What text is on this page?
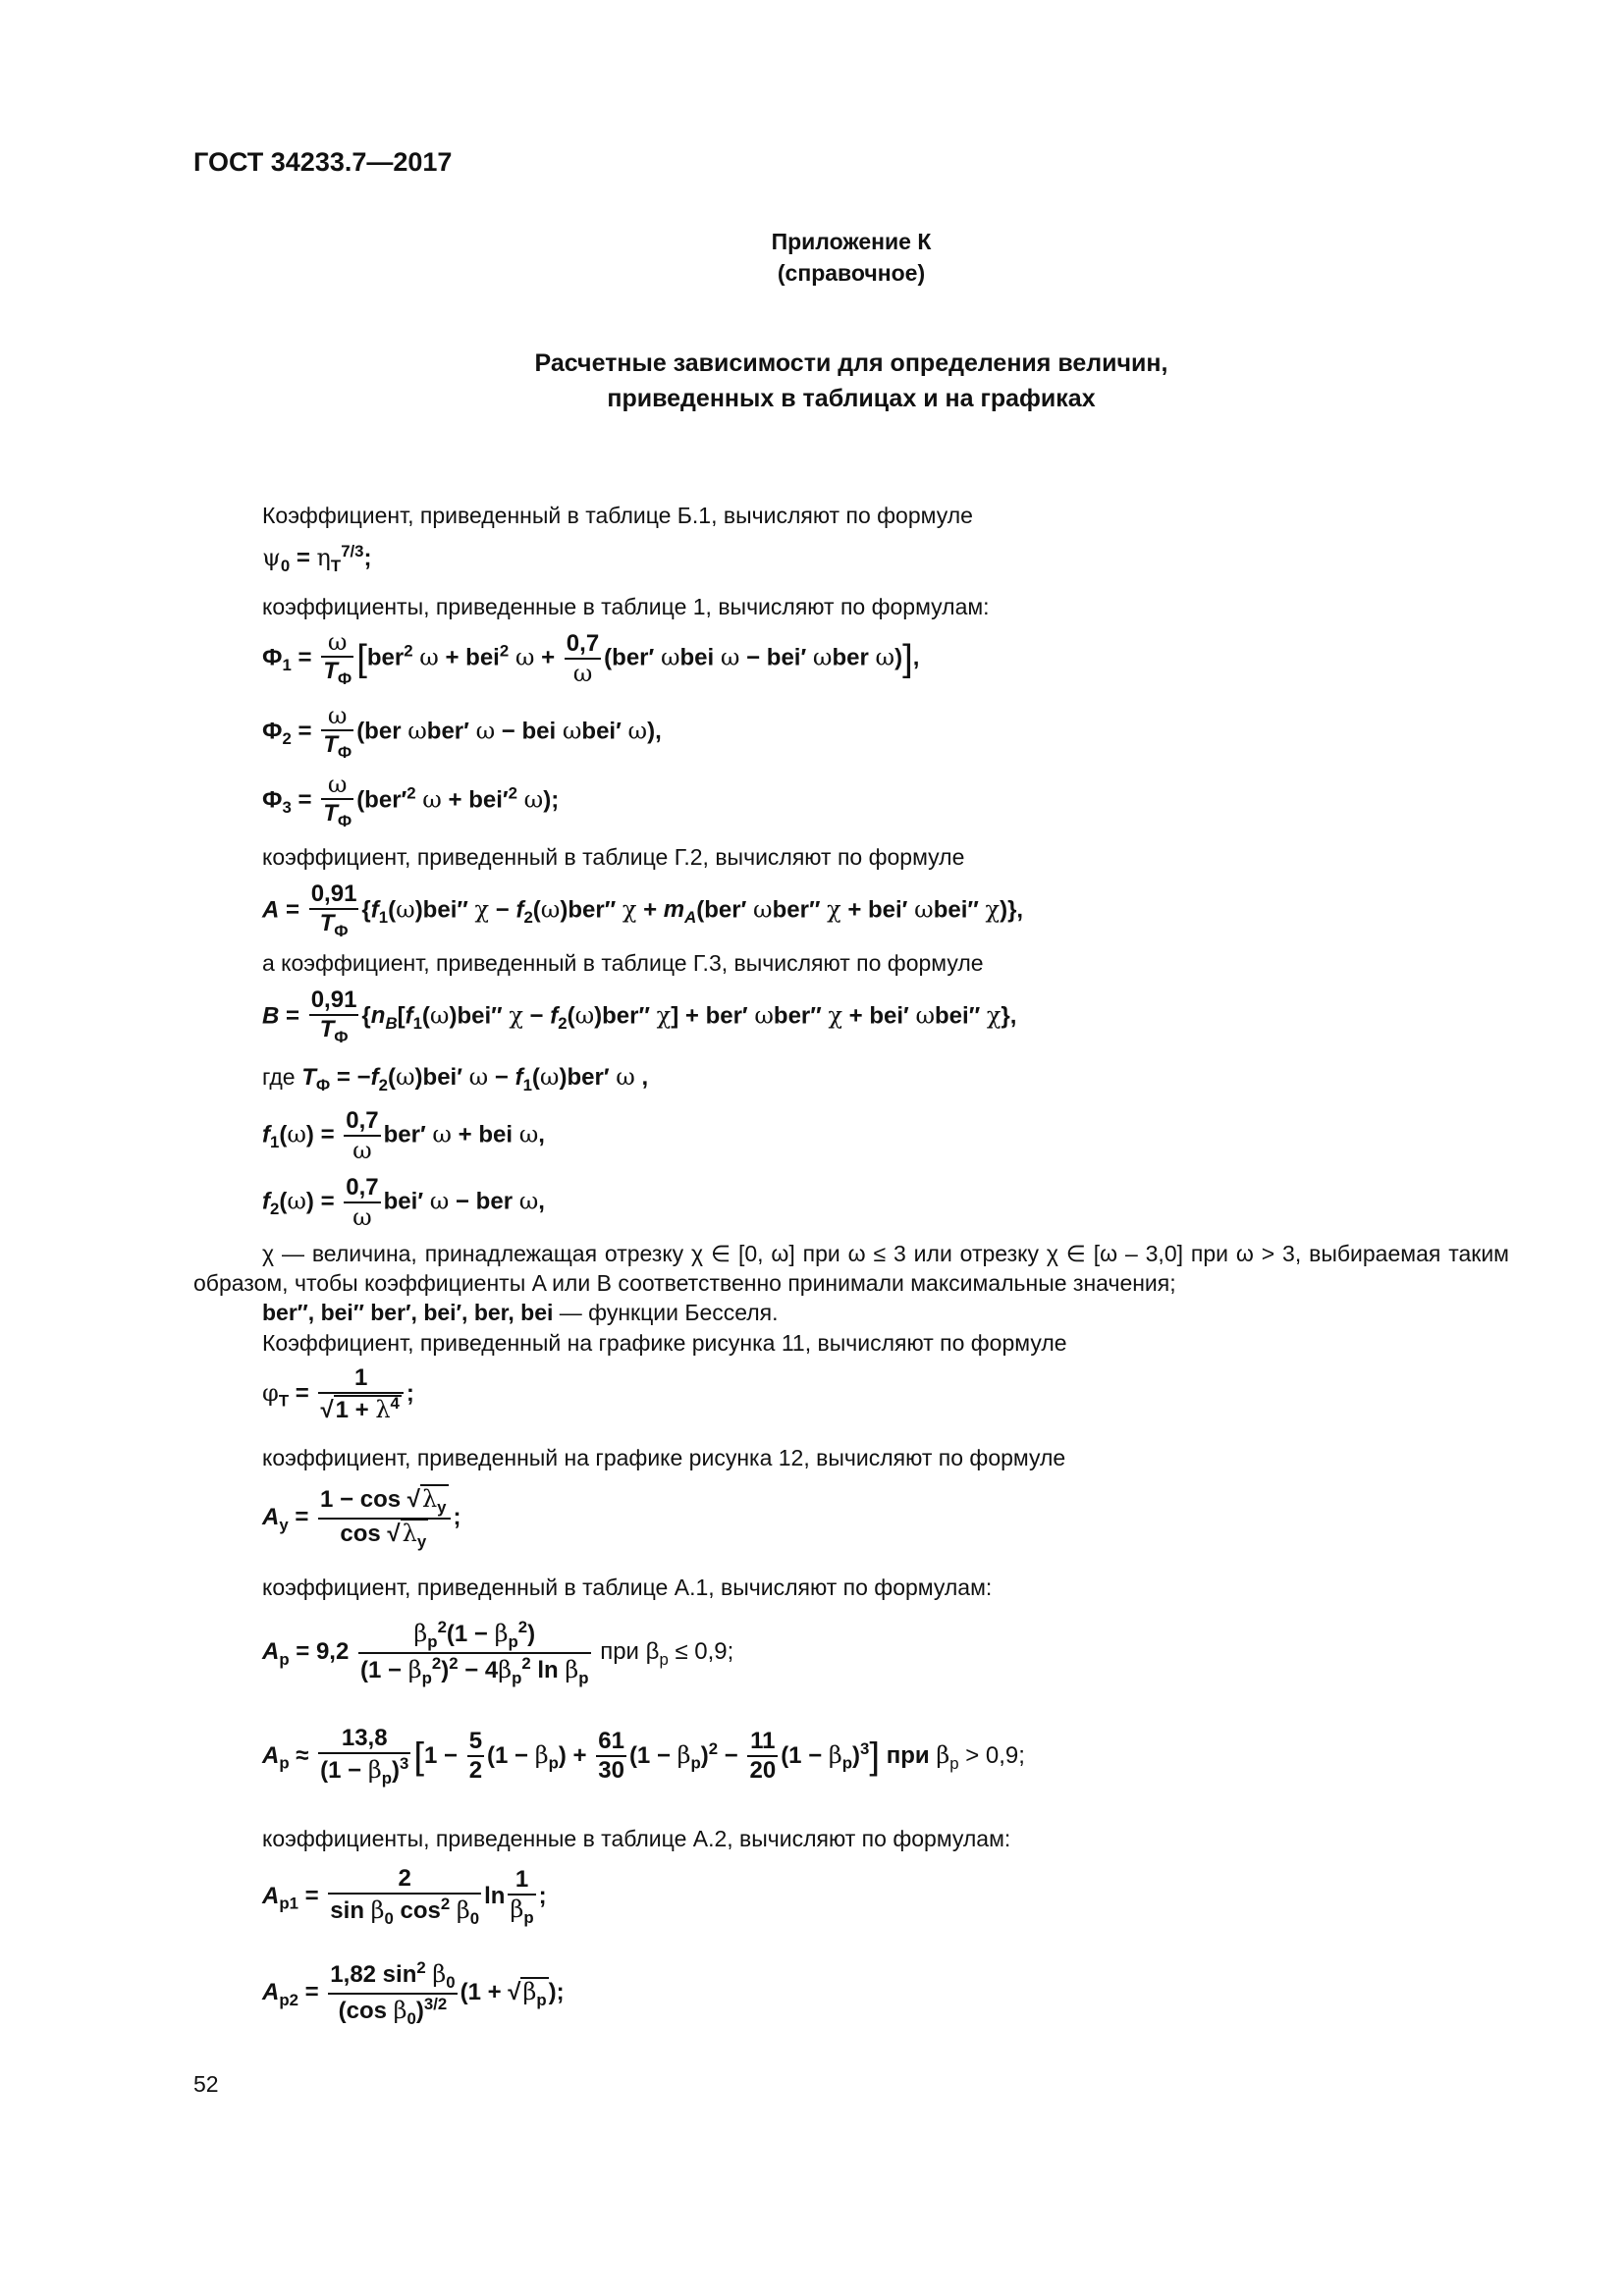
ГОСТ 34233.7—2017
Приложение К
(справочное)
Расчетные зависимости для определения величин,
приведенных в таблицах и на графиках
Коэффициент, приведенный в таблице Б.1, вычисляют по формуле
$\psi_0 = \eta_T^{7/3}$;
коэффициенты, приведенные в таблице 1, вычисляют по формулам:
$Ф_1$ =
ω
$T_Ф$ [ber$^2$ ω + bei$^2$ $\omega + \frac{0,7}{\omega} (ber'$ ωbei ω − bei′ ωber ω)],
$Ф_2$ =
ω
$T_Ф$
(ber ωber′ ω − bei ωbei′ ω),
$Ф_3$ =
ω
$T_Ф$
($ber'^2$ $\omega + bei'^2$ ω);
коэффициент, приведенный в таблице Г.2, вычисляют по формуле
A =
0,91
$T_Ф$
{$f_1(\omega)bei''$ $\chi - f_2(\omega)ber''$ $\chi + m_A(ber'$ ωber″ χ + bei′ ωbei″ χ)},
а коэффициент, приведенный в таблице Г.3, вычисляют по формуле
B =
0,91
$T_Ф$
{$n_B[f_1(\omega)bei''$ $\chi - f_2(\omega)ber''$ χ] + ber′ ωber″ χ + bei′ ωbei″ χ},
где $T_Ф = -f_2(\omega)bei'$ $\omega - f_1(\omega)ber'$ ω ,
$f_1(\omega) = \frac{0,7}{\omega} ber'$ ω + bei ω,
$f_2(\omega) = \frac{0,7}{\omega} bei'$ ω − ber ω,
χ — величина, принадлежащая отрезку χ ∈ [0, ω] при ω ≤ 3 или отрезку χ ∈ [ω – 3,0] при ω > 3, выбираемая таким образом, чтобы коэффициенты A или B соответственно принимали максимальные значения;
ber″, bei″ ber′, bei′, ber, bei — функции Бесселя.
Коэффициент, приведенный на графике рисунка 11, вычисляют по формуле
$\varphi_T = \frac{1}{√1 + \lambda^4}$ ;
коэффициент, приведенный на графике рисунка 12, вычисляют по формуле
$A_y = \frac{1 - \cos √\lambda_y}{\cos √\lambda_y}$ ;
коэффициент, приведенный в таблице А.1, вычисляют по формулам:
$A_p = 9,2 \frac{\beta_p^2(1 - \beta_p^2)}{(1 - \beta_p^2)^2 - 4\beta_p^2 \ln \beta_p}$ при $\beta_p \le 0,9$;
$A_p \approx \frac{13,8}{(1 - \beta_p)^3} [1 - \frac{5}{2} (1 - \beta_p) + \frac{61}{30} (1 - \beta_p)^2 - \frac{11}{20} (1 - \beta_p)^3]$ при $\beta_p > 0,9$;
коэффициенты, приведенные в таблице А.2, вычисляют по формулам:
$A_{p1} = \frac{2}{\sin \beta_0 \cos^2 \beta_0}$ $\ln \frac{1}{\beta_p}$ ;
$A_{p2} = \frac{1,82 \sin^2 \beta_0}{(\cos \beta_0)^{3/2}} (1 + √\beta_p)$;
52
